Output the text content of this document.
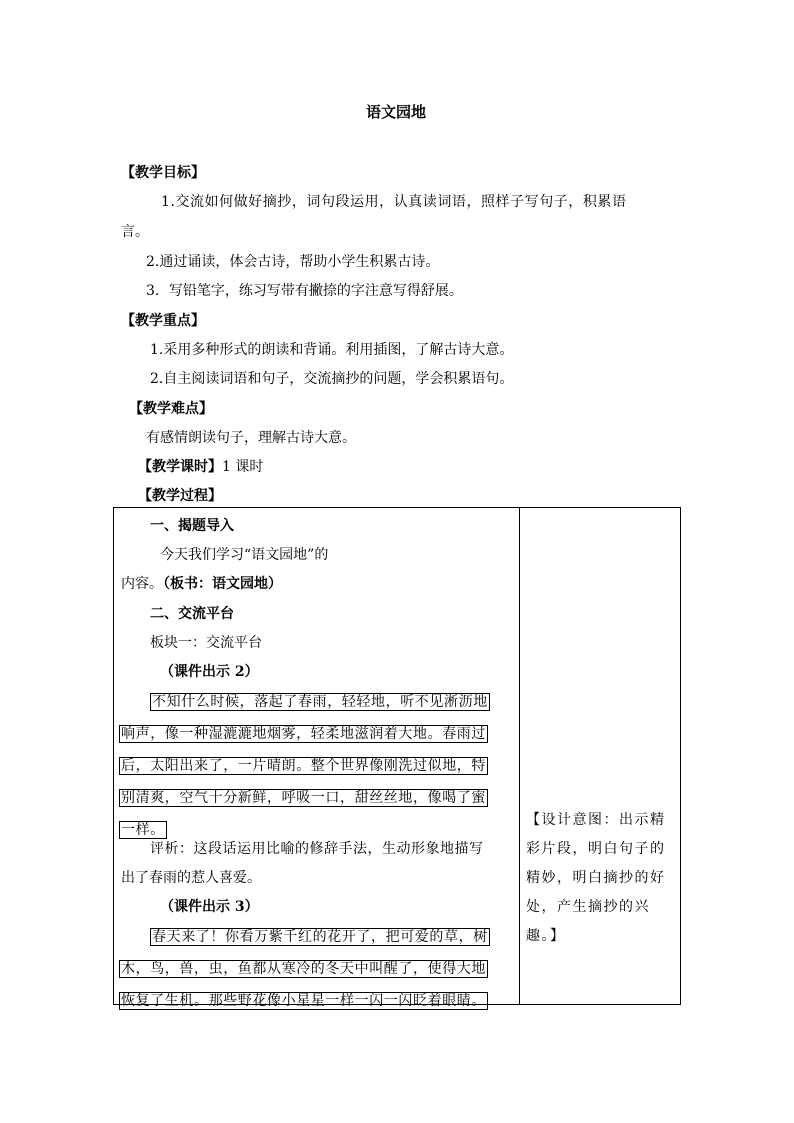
语文园地
【教学目标】
1.交流如何做好摘抄，词句段运用，认真读词语，照样子写句子，积累语
言。
2.通过诵读，体会古诗，帮助小学生积累古诗。
3．写铅笔字，练习写带有撇捺的字注意写得舒展。
【教学重点】
1.采用多种形式的朗读和背诵。利用插图，了解古诗大意。
2.自主阅读词语和句子，交流摘抄的问题，学会积累语句。
【教学难点】
有感情朗读句子，理解古诗大意。
【教学课时】1 课时
【教学过程】
一、揭题导入
今天我们学习“语文园地”的
内容。（板书：语文园地）
二、交流平台
板块一：交流平台
（课件出示 2）
不知什么时候，落起了春雨，轻轻地，听不见淅沥地
响声，像一种湿漉漉地烟雾，轻柔地滋润着大地。春雨过
后，太阳出来了，一片晴朗。整个世界像刚洗过似地，特
别清爽，空气十分新鲜，呼吸一口，甜丝丝地，像喝了蜜
一样。
评析：这段话运用比喻的修辞手法，生动形象地描写
出了春雨的惹人喜爱。
（课件出示 3）
春天来了！你看万紫千红的花开了，把可爱的草，树
木，鸟，兽，虫，鱼都从寒冷的冬天中叫醒了，使得大地
恢复了生机。那些野花像小星星一样一闪一闪眨着眼睛。
【设计意图：出示精
彩片段，明白句子的
精妙，明白摘抄的好
处，产生摘抄的兴
趣。】
